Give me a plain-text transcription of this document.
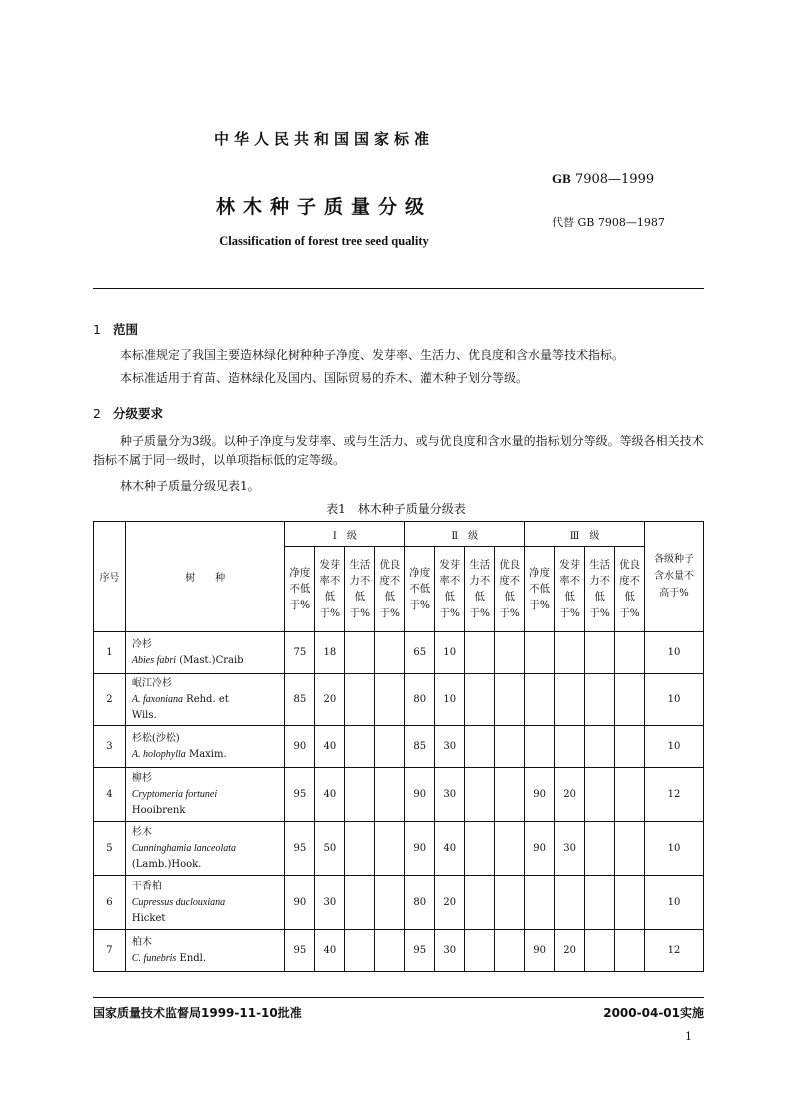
中华人民共和国国家标准
GB 7908—1999
林木种子质量分级
代替 GB 7908—1987
Classification of forest tree seed quality
1 范围
本标准规定了我国主要造林绿化树种种子净度、发芽率、生活力、优良度和含水量等技术指标。
本标准适用于育苗、造林绿化及国内、国际贸易的乔木、灌木种子划分等级。
2 分级要求
种子质量分为3级。以种子净度与发芽率、或与生活力、或与优良度和含水量的指标划分等级。等级各相关技术指标不属于同一级时，以单项指标低的定等级。
林木种子质量分级见表1。
表1　林木种子质量分级表
序号	树　　种	Ⅰ　级				Ⅱ　级				Ⅲ　级				各级种子含水量不高于%
		净度不低于%	发芽率不低于%	生活力不低于%	优良度不低于%	净度不低于%	发芽率不低于%	生活力不低于%	优良度不低于%	净度不低于%	发芽率不低于%	生活力不低于%	优良度不低于%	
1	冷杉
Abies fabri (Mast.)Craib	75	18			65	10							10
2	岷江冷杉
A. faxoniana Rehd. et
Wils.	85	20			80	10							10
3	杉松(沙松)
A. holophylla Maxim.	90	40			85	30							10
4	柳杉
Cryptomeria fortunei
Hooibrenk	95	40			90	30			90	20			12
5	杉木
Cunninghamia lanceolata
(Lamb.)Hook.	95	50			90	40			90	30			10
6	干香柏
Cupressus duclouxiana
Hicket	90	30			80	20							10
7	柏木
C. funebris Endl.	95	40			95	30			90	20			12
国家质量技术监督局1999-11-10批准	2000-04-01实施
1
